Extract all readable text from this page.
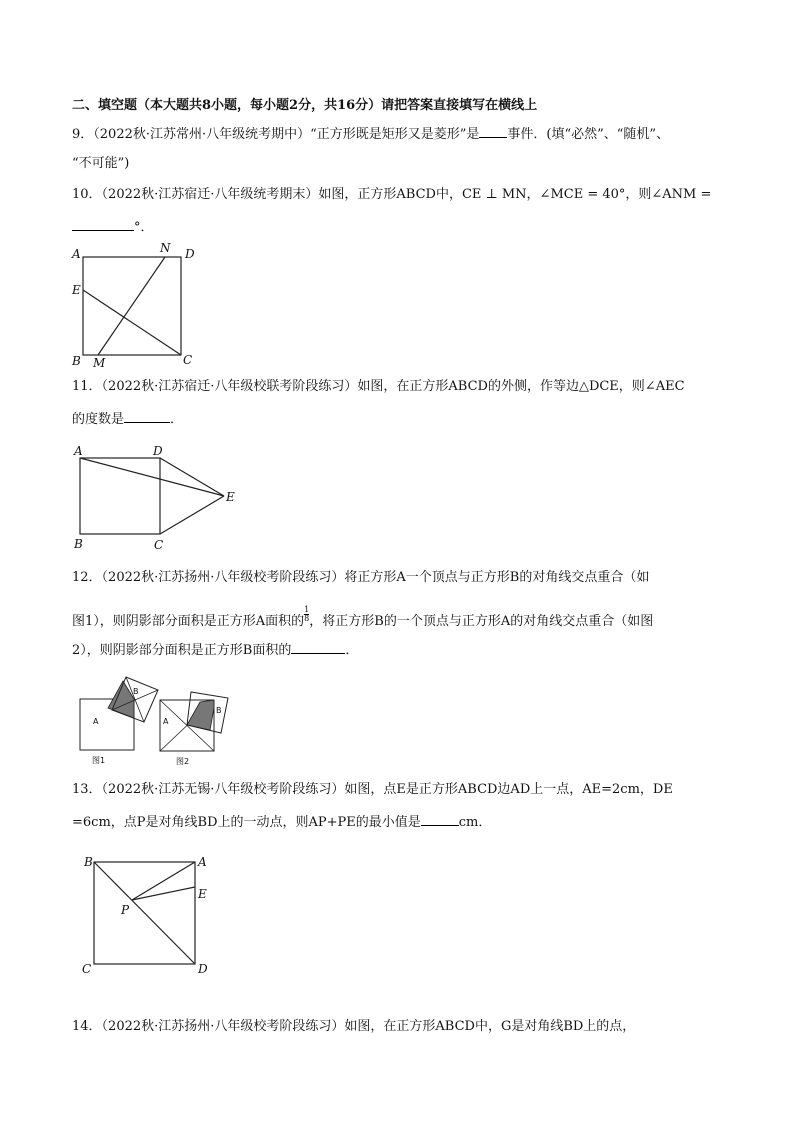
二、填空题（本大题共8小题，每小题2分，共16分）请把答案直接填写在横线上
9．（2022秋·江苏常州·八年级统考期中）“正方形既是矩形又是菱形”是 事件．(填“必然”、“随机”、
“不可能”)
10．（2022秋·江苏宿迁·八年级统考期末）如图，正方形ABCD中，CE ⊥ MN，∠MCE = 40°，则∠ANM =
°．
A	N D
E
B M	C
11．（2022秋·江苏宿迁·八年级校联考阶段练习）如图，在正方形ABCD的外侧，作等边△DCE，则∠AEC
的度数是	．
A	D
E
B	C
12．（2022秋·江苏扬州·八年级校考阶段练习）将正方形A一个顶点与正方形B的对角线交点重合（如
图1），则阴影部分面积是正方形A面积的 $\frac{1}{8}$ ，将正方形B的一个顶点与正方形A的对角线交点重合（如图
2），则阴影部分面积是正方形B面积的	．
A
B
图1
A
B
图2
13．（2022秋·江苏无锡·八年级校考阶段练习）如图，点E是正方形ABCD边AD上一点，AE=2cm，DE
=6cm，点P是对角线BD上的一动点，则AP+PE的最小值是	cm．
B	A
E
P
C	D
14．（2022秋·江苏扬州·八年级校考阶段练习）如图，在正方形ABCD中，G是对角线BD上的点，
